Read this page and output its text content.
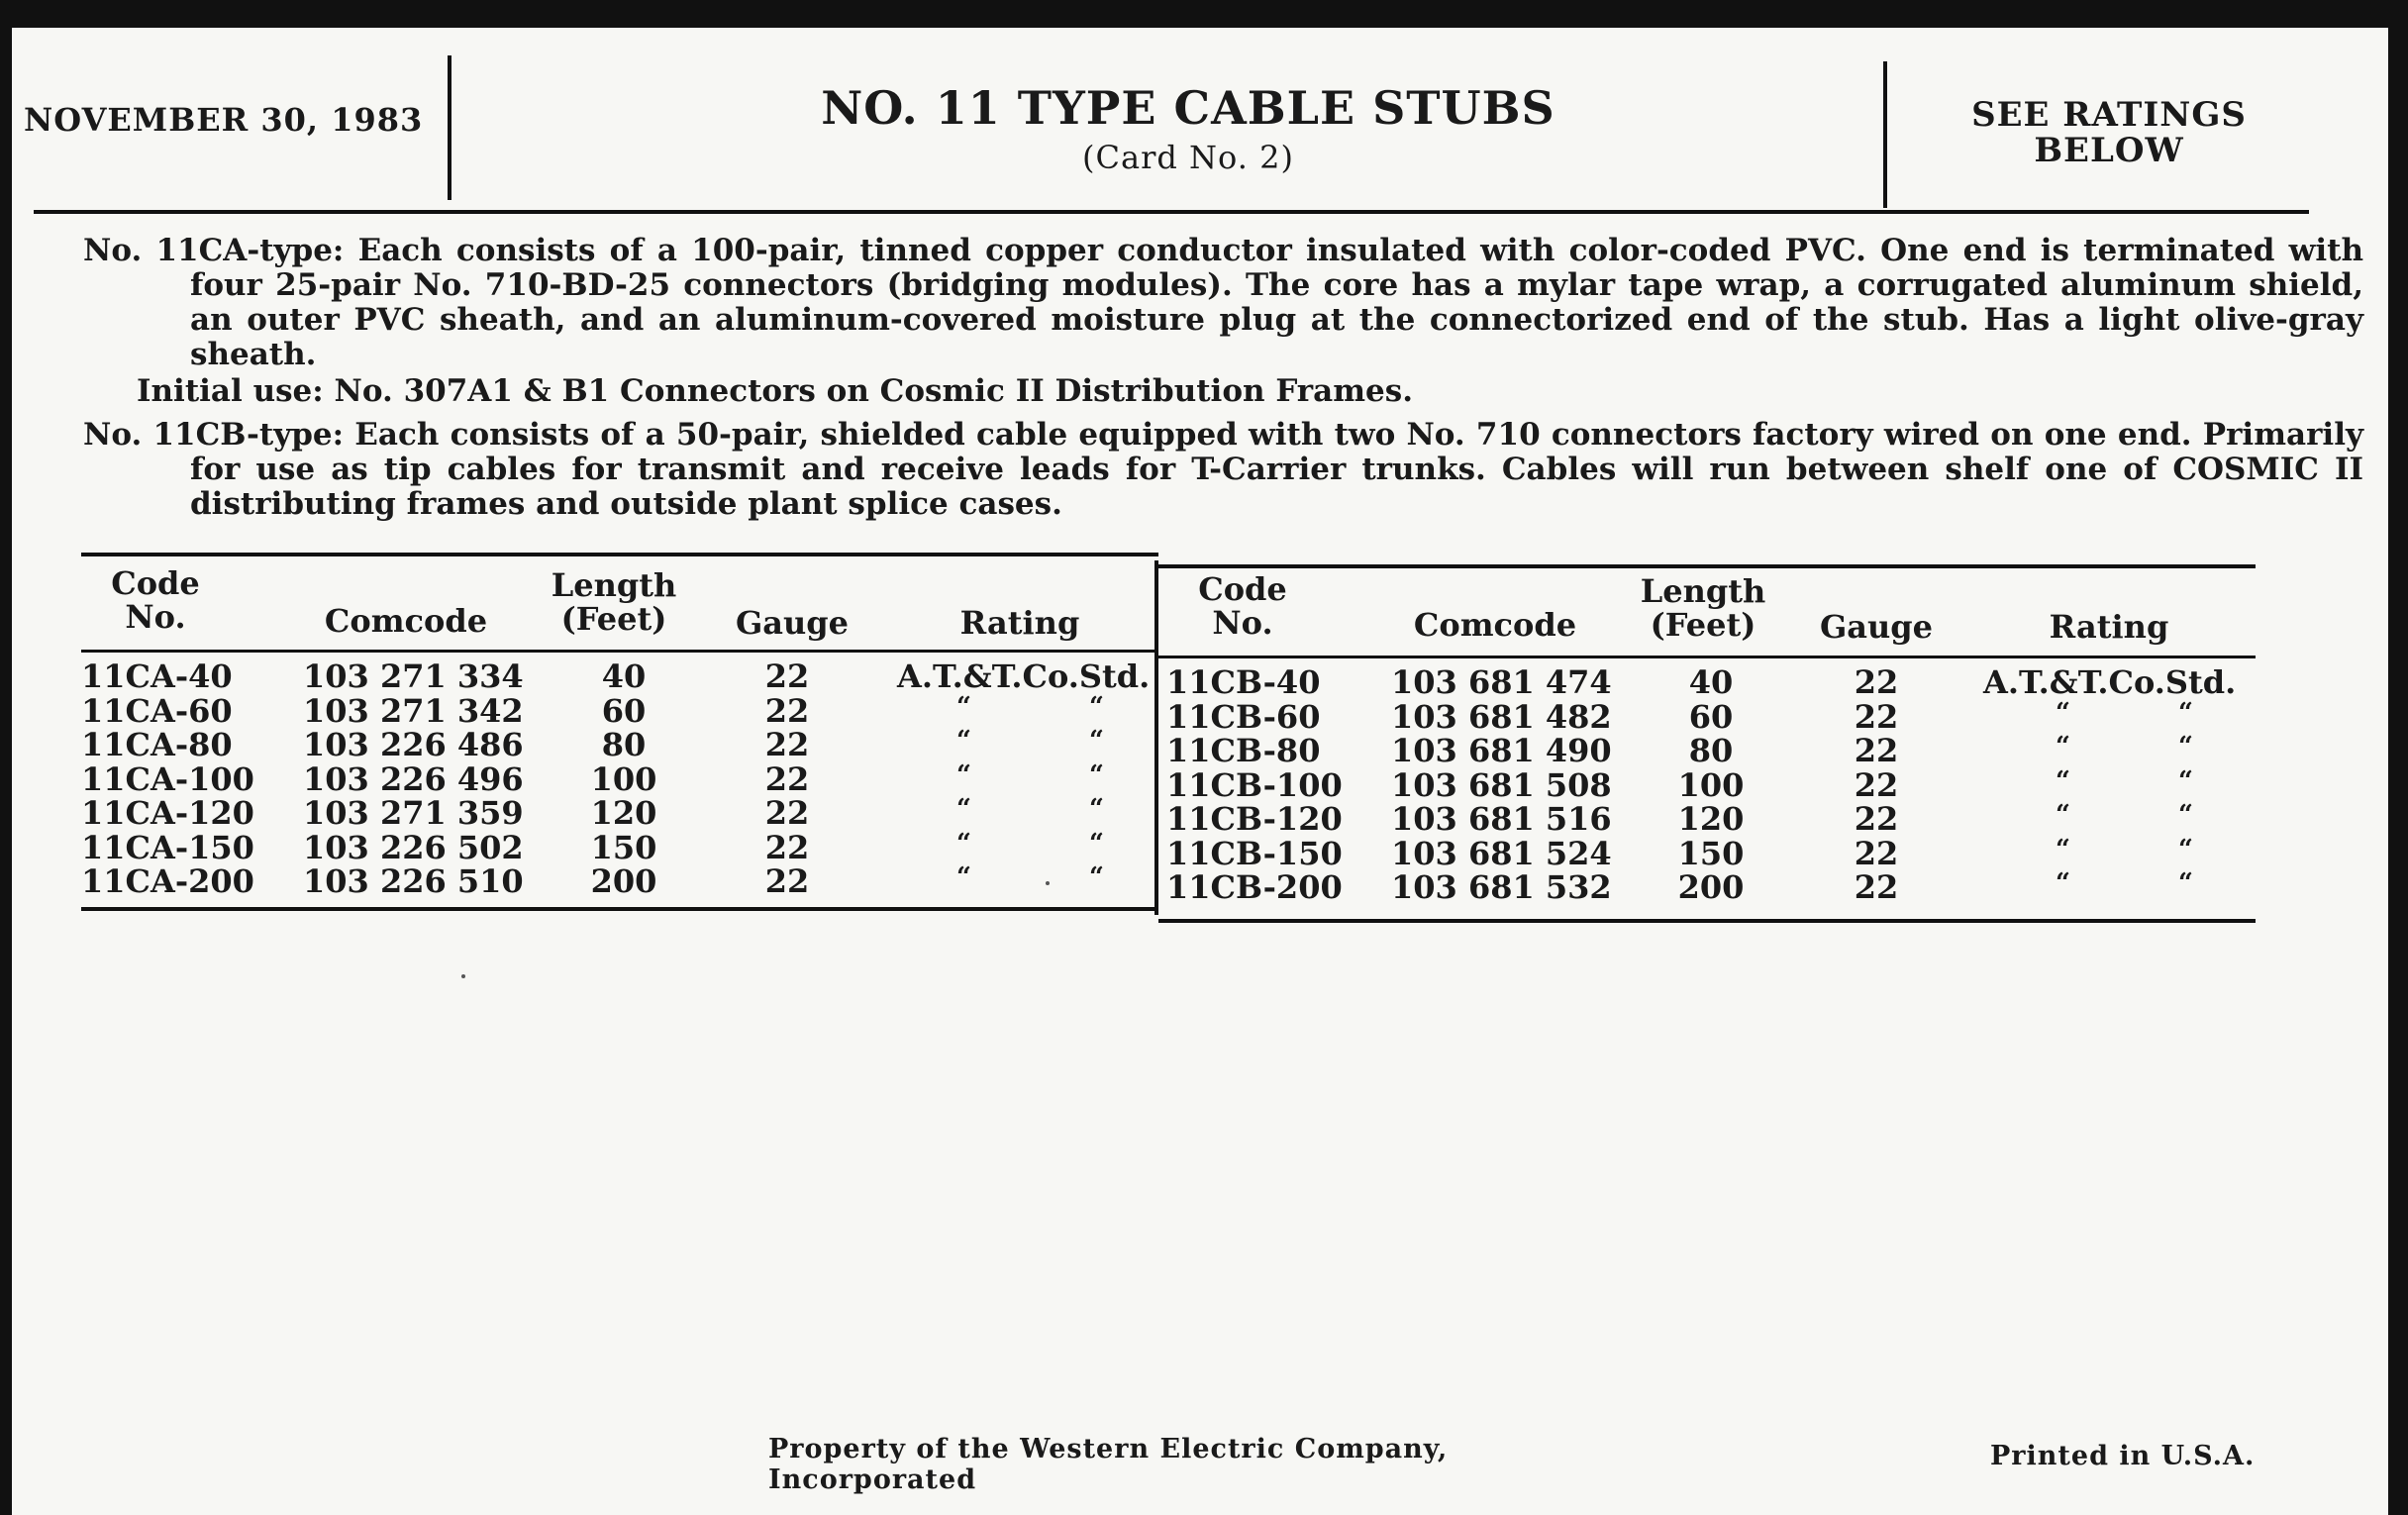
NOVEMBER 30, 1983	NO. 11 TYPE CABLE STUBS
(Card No. 2)
SEE RATINGS
BELOW
No. 11CA-type: Each consists of a 100-pair, tinned copper conductor insulated with color-coded PVC. One end is terminated with four 25-pair No. 710-BD-25 connectors (bridging modules). The core has a mylar tape wrap, a corrugated aluminum shield, an outer PVC sheath, and an aluminum-covered moisture plug at the connectorized end of the stub. Has a light olive-gray sheath.
Initial use: No. 307A1 & B1 Connectors on Cosmic II Distribution Frames.
No. 11CB-type: Each consists of a 50-pair, shielded cable equipped with two No. 710 connectors factory wired on one end. Primarily for use as tip cables for transmit and receive leads for T-Carrier trunks. Cables will run between shelf one of COSMIC II distributing frames and outside plant splice cases.
Code
No.	Comcode
Length
(Feet)	Gauge	Rating
Code
No.	Comcode
Length
(Feet)	Gauge	Rating
11CA-40	103 271 334	40	22	A.T.&T.Co.Std.
11CA-60	103 271 342	60	22	“	“
11CA-80	103 226 486	80	22	“	“
11CA-100	103 226 496	100	22	“	“
11CA-120	103 271 359	120	22	“	“
11CA-150	103 226 502	150	22	“	“
11CA-200	103 226 510	200	22	“	“
11CB-40	103 681 474	40	22	A.T.&T.Co.Std.
11CB-60	103 681 482	60	22	“	“
11CB-80	103 681 490	80	22	“	“
11CB-100	103 681 508	100	22	“	“
11CB-120	103 681 516	120	22	“	“
11CB-150	103 681 524	150	22	“	“
11CB-200	103 681 532	200	22	“	“
Property of the Western Electric Company, Incorporated
Printed in U.S.A.
